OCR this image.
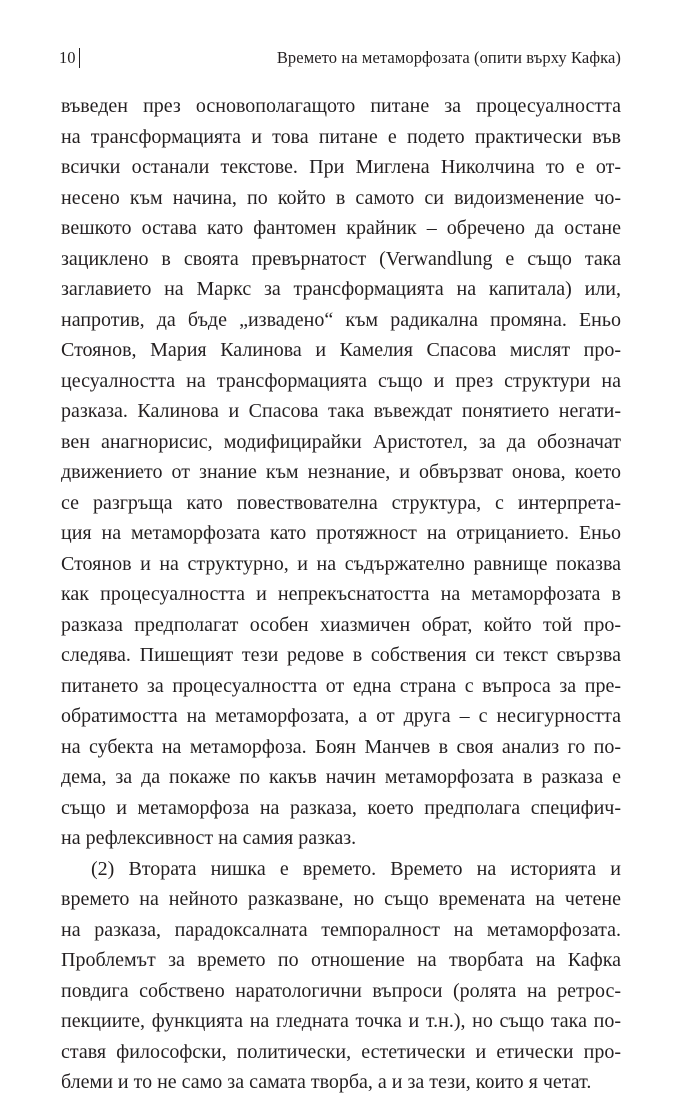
10	Времето на метаморфозата (опити върху Кафка)
въведен през основополагащото питане за процесуалността
на трансформацията и това питане е подето практически във
всички останали текстове. При Миглена Николчина то е от-
несено към начина, по който в самото си видоизменение чо-
вешкото остава като фантомен крайник – обречено да остане
зациклено в своята превърнатост (Verwandlung е също така
заглавието на Маркс за трансформацията на капитала) или,
напротив, да бъде „извадено“ към радикална промяна. Еньо
Стоянов, Мария Калинова и Камелия Спасова мислят про-
цесуалността на трансформацията също и през структури на
разказа. Калинова и Спасова така въвеждат понятието негати-
вен анагнорисис, модифицирайки Аристотел, за да обозначат
движението от знание към незнание, и обвързват онова, което
се разгръща като повествователна структура, с интерпрета-
ция на метаморфозата като протяжност на отрицанието. Еньо
Стоянов и на структурно, и на съдържателно равнище показва
как процесуалността и непрекъснатостта на метаморфозата в
разказа предполагат особен хиазмичен обрат, който той про-
следява. Пишещият тези редове в собствения си текст свързва
питането за процесуалността от една страна с въпроса за пре-
обратимостта на метаморфозата, а от друга – с несигурността
на субекта на метаморфоза. Боян Манчев в своя анализ го по-
дема, за да покаже по какъв начин метаморфозата в разказа е
също и метаморфоза на разказа, което предполага специфич-
на рефлексивност на самия разказ.
(2) Втората нишка е времето. Времето на историята и
времето на нейното разказване, но също времената на четене
на разказа, парадоксалната темпоралност на метаморфозата.
Проблемът за времето по отношение на творбата на Кафка
повдига собствено наратологични въпроси (ролята на ретрос-
пекциите, функцията на гледната точка и т.н.), но също така по-
ставя философски, политически, естетически и етически про-
блеми и то не само за самата творба, а и за тези, които я четат.
